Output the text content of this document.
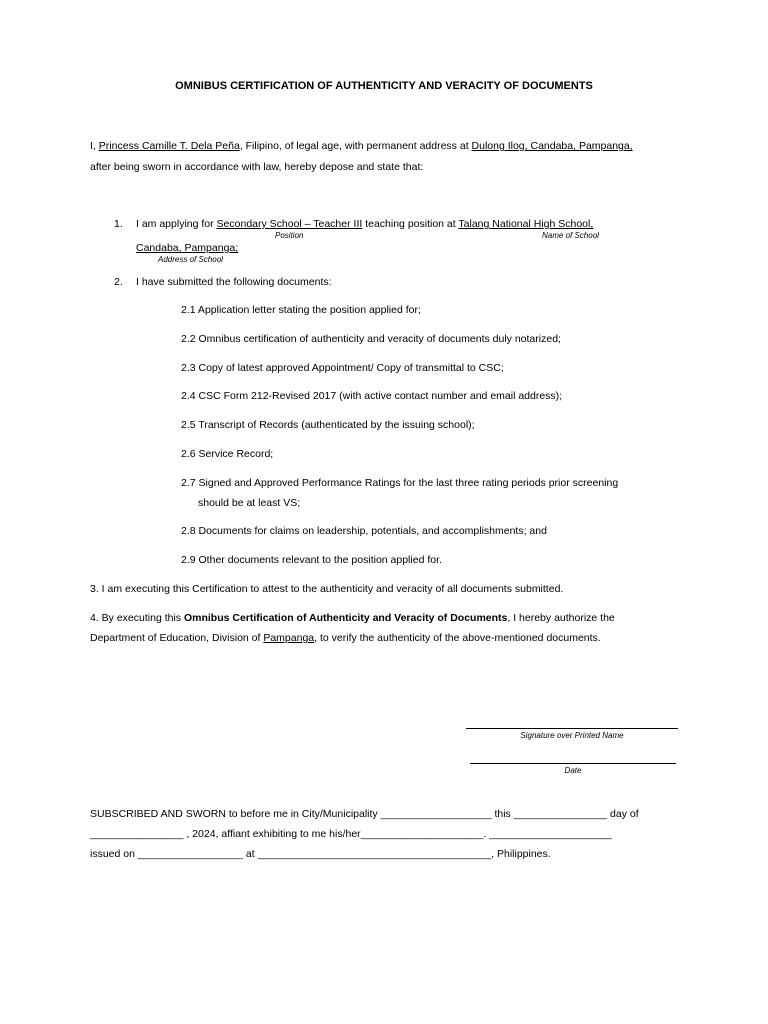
OMNIBUS CERTIFICATION OF AUTHENTICITY AND VERACITY OF DOCUMENTS
I, Princess Camille T. Dela Peña, Filipino, of legal age, with permanent address at Dulong Ilog, Candaba, Pampanga,
after being sworn in accordance with law, hereby depose and state that:
1. I am applying for Secondary School – Teacher III teaching position at Talang National High School,
Position	Name of School
Candaba, Pampanga;
Address of School
2. I have submitted the following documents:
2.1 Application letter stating the position applied for;
2.2 Omnibus certification of authenticity and veracity of documents duly notarized;
2.3 Copy of latest approved Appointment/ Copy of transmittal to CSC;
2.4 CSC Form 212-Revised 2017 (with active contact number and email address);
2.5 Transcript of Records (authenticated by the issuing school);
2.6 Service Record;
2.7 Signed and Approved Performance Ratings for the last three rating periods prior screening
should be at least VS;
2.8 Documents for claims on leadership, potentials, and accomplishments; and
2.9 Other documents relevant to the position applied for.
3. I am executing this Certification to attest to the authenticity and veracity of all documents submitted.
4. By executing this Omnibus Certification of Authenticity and Veracity of Documents, I hereby authorize the
Department of Education, Division of Pampanga, to verify the authenticity of the above-mentioned documents.
Signature over Printed Name
Date
SUBSCRIBED AND SWORN to before me in City/Municipality ___________________ this ________________ day of
________________ , 2024, affiant exhibiting to me his/her_____________________. _____________________
issued on __________________ at ________________________________________, Philippines.
